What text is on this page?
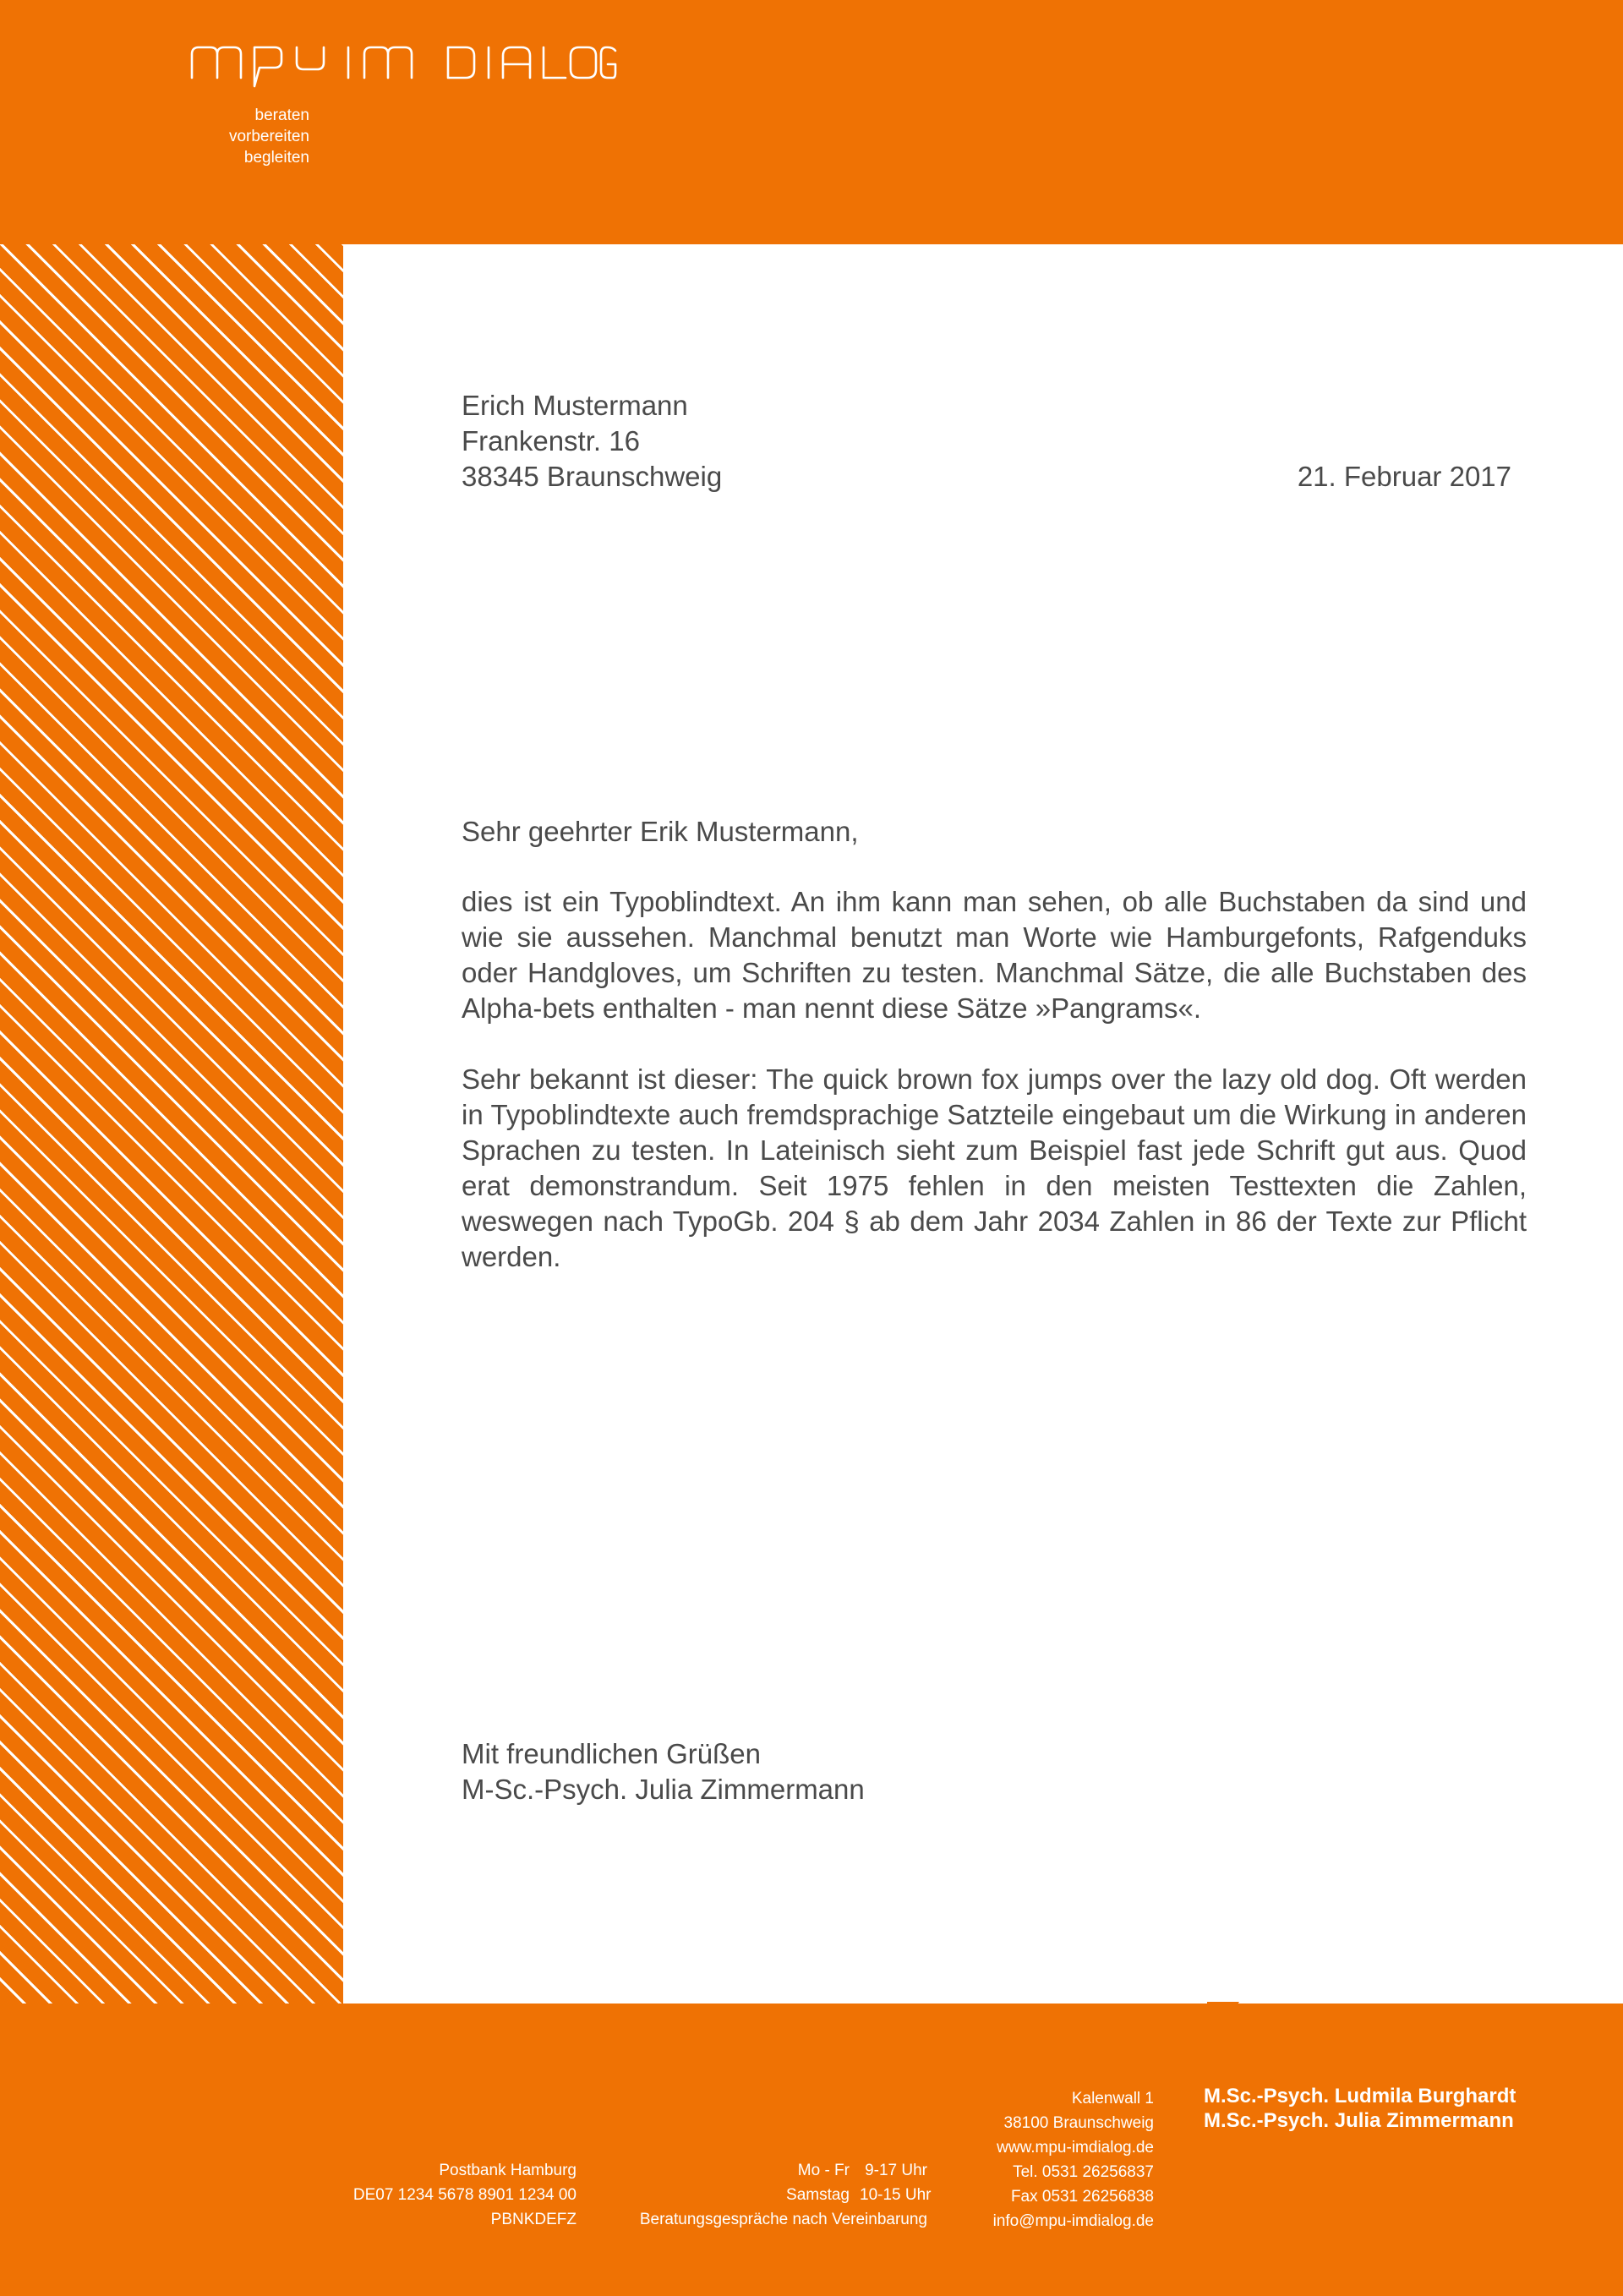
beraten
vorbereiten
begleiten
Erich Mustermann
Frankenstr. 16
38345 Braunschweig	21. Februar 2017
Sehr geehrter Erik Mustermann,
dies ist ein Typoblindtext. An ihm kann man sehen, ob alle Buchstaben da sind und wie sie aussehen. Manchmal benutzt man Worte wie Hamburgefonts, Rafgenduks oder Handgloves, um Schriften zu testen. Manchmal Sätze, die alle Buchstaben des Alpha-bets enthalten - man nennt diese Sätze »Pangrams«.
Sehr bekannt ist dieser: The quick brown fox jumps over the lazy old dog. Oft werden in Typoblindtexte auch fremdsprachige Satzteile eingebaut um die Wirkung in anderen Sprachen zu testen. In Lateinisch sieht zum Beispiel fast jede Schrift gut aus. Quod erat demonstrandum. Seit 1975 fehlen in den meisten Testtexten die Zahlen, weswegen nach TypoGb. 204 § ab dem Jahr 2034 Zahlen in 86 der Texte zur Pflicht werden.
Mit freundlichen Grüßen
M-Sc.-Psych. Julia Zimmermann
Postbank Hamburg
DE07 1234 5678 8901 1234 00
PBNKDEFZ
Mo - Fr 9-17 Uhr
Samstag 10-15 Uhr
Beratungsgespräche nach Vereinbarung
Kalenwall 1
38100 Braunschweig
www.mpu-imdialog.de
Tel. 0531 26256837
Fax 0531 26256838
info@mpu-imdialog.de
M.Sc.-Psych. Ludmila Burghardt
M.Sc.-Psych. Julia Zimmermann
